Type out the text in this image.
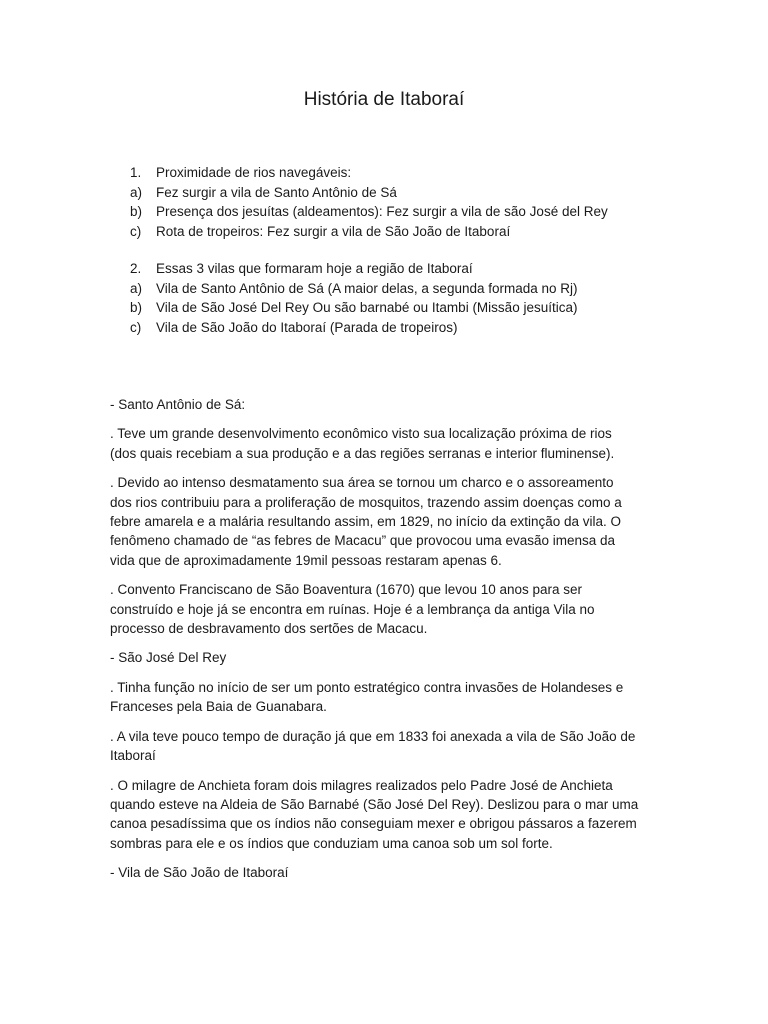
História de Itaboraí
1.	Proximidade de rios navegáveis:
a)	Fez surgir a vila de Santo Antônio de Sá
b)	Presença dos jesuítas (aldeamentos): Fez surgir a vila de são José del Rey
c)	Rota de tropeiros: Fez surgir a vila de São João de Itaboraí
2.	Essas 3 vilas que formaram hoje a região de Itaboraí
a)	Vila de Santo Antônio de Sá (A maior delas, a segunda formada no Rj)
b)	Vila de São José Del Rey Ou são barnabé ou Itambi (Missão jesuítica)
c)	Vila de São João do Itaboraí (Parada de tropeiros)

- Santo Antônio de Sá:

. Teve um grande desenvolvimento econômico visto sua localização próxima de rios
(dos quais recebiam a sua produção e a das regiões serranas e interior fluminense).

. Devido ao intenso desmatamento sua área se tornou um charco e o assoreamento
dos rios contribuiu para a proliferação de mosquitos, trazendo assim doenças como a
febre amarela e a malária resultando assim, em 1829, no início da extinção da vila. O
fenômeno chamado de “as febres de Macacu” que provocou uma evasão imensa da
vida que de aproximadamente 19mil pessoas restaram apenas 6.

. Convento Franciscano de São Boaventura (1670) que levou 10 anos para ser
construído e hoje já se encontra em ruínas. Hoje é a lembrança da antiga Vila no
processo de desbravamento dos sertões de Macacu.

- São José Del Rey

. Tinha função no início de ser um ponto estratégico contra invasões de Holandeses e
Franceses pela Baia de Guanabara.

. A vila teve pouco tempo de duração já que em 1833 foi anexada a vila de São João de
Itaboraí

. O milagre de Anchieta foram dois milagres realizados pelo Padre José de Anchieta
quando esteve na Aldeia de São Barnabé (São José Del Rey). Deslizou para o mar uma
canoa pesadíssima que os índios não conseguiam mexer e obrigou pássaros a fazerem
sombras para ele e os índios que conduziam uma canoa sob um sol forte.

- Vila de São João de Itaboraí
